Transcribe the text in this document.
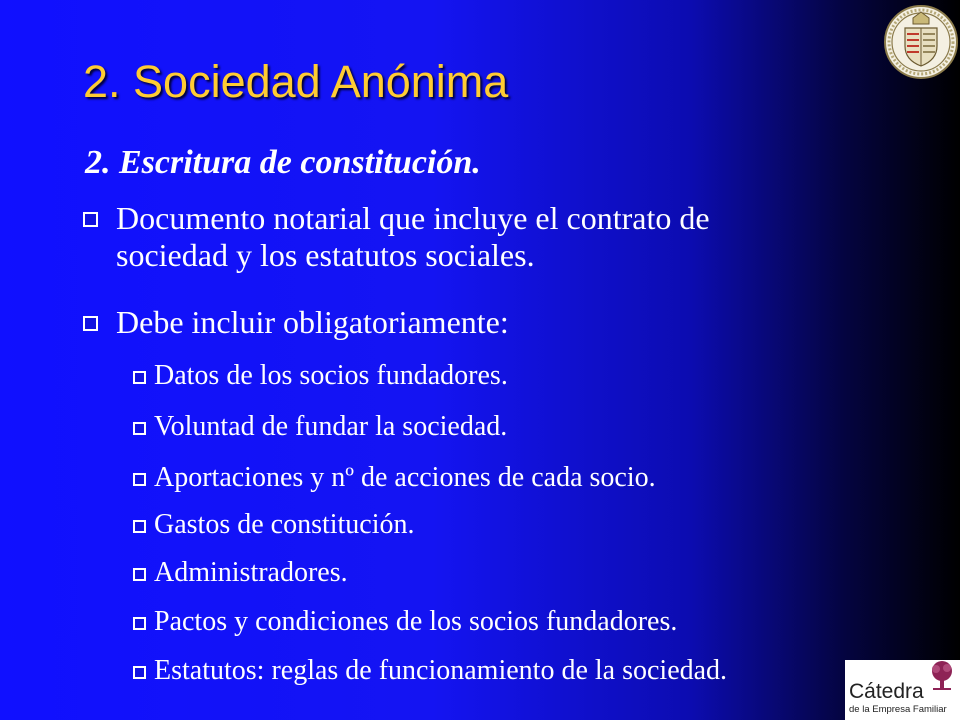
2. Sociedad Anónima
2. Escritura de constitución.
Documento notarial que incluye el contrato de
sociedad y los estatutos sociales.
Debe incluir obligatoriamente:
Datos de los socios fundadores.
Voluntad de fundar la sociedad.
Aportaciones y nº de acciones de cada socio.
Gastos de constitución.
Administradores.
Pactos y condiciones de los socios fundadores.
Estatutos: reglas de funcionamiento de la sociedad.
Cátedra
de la Empresa Familiar
